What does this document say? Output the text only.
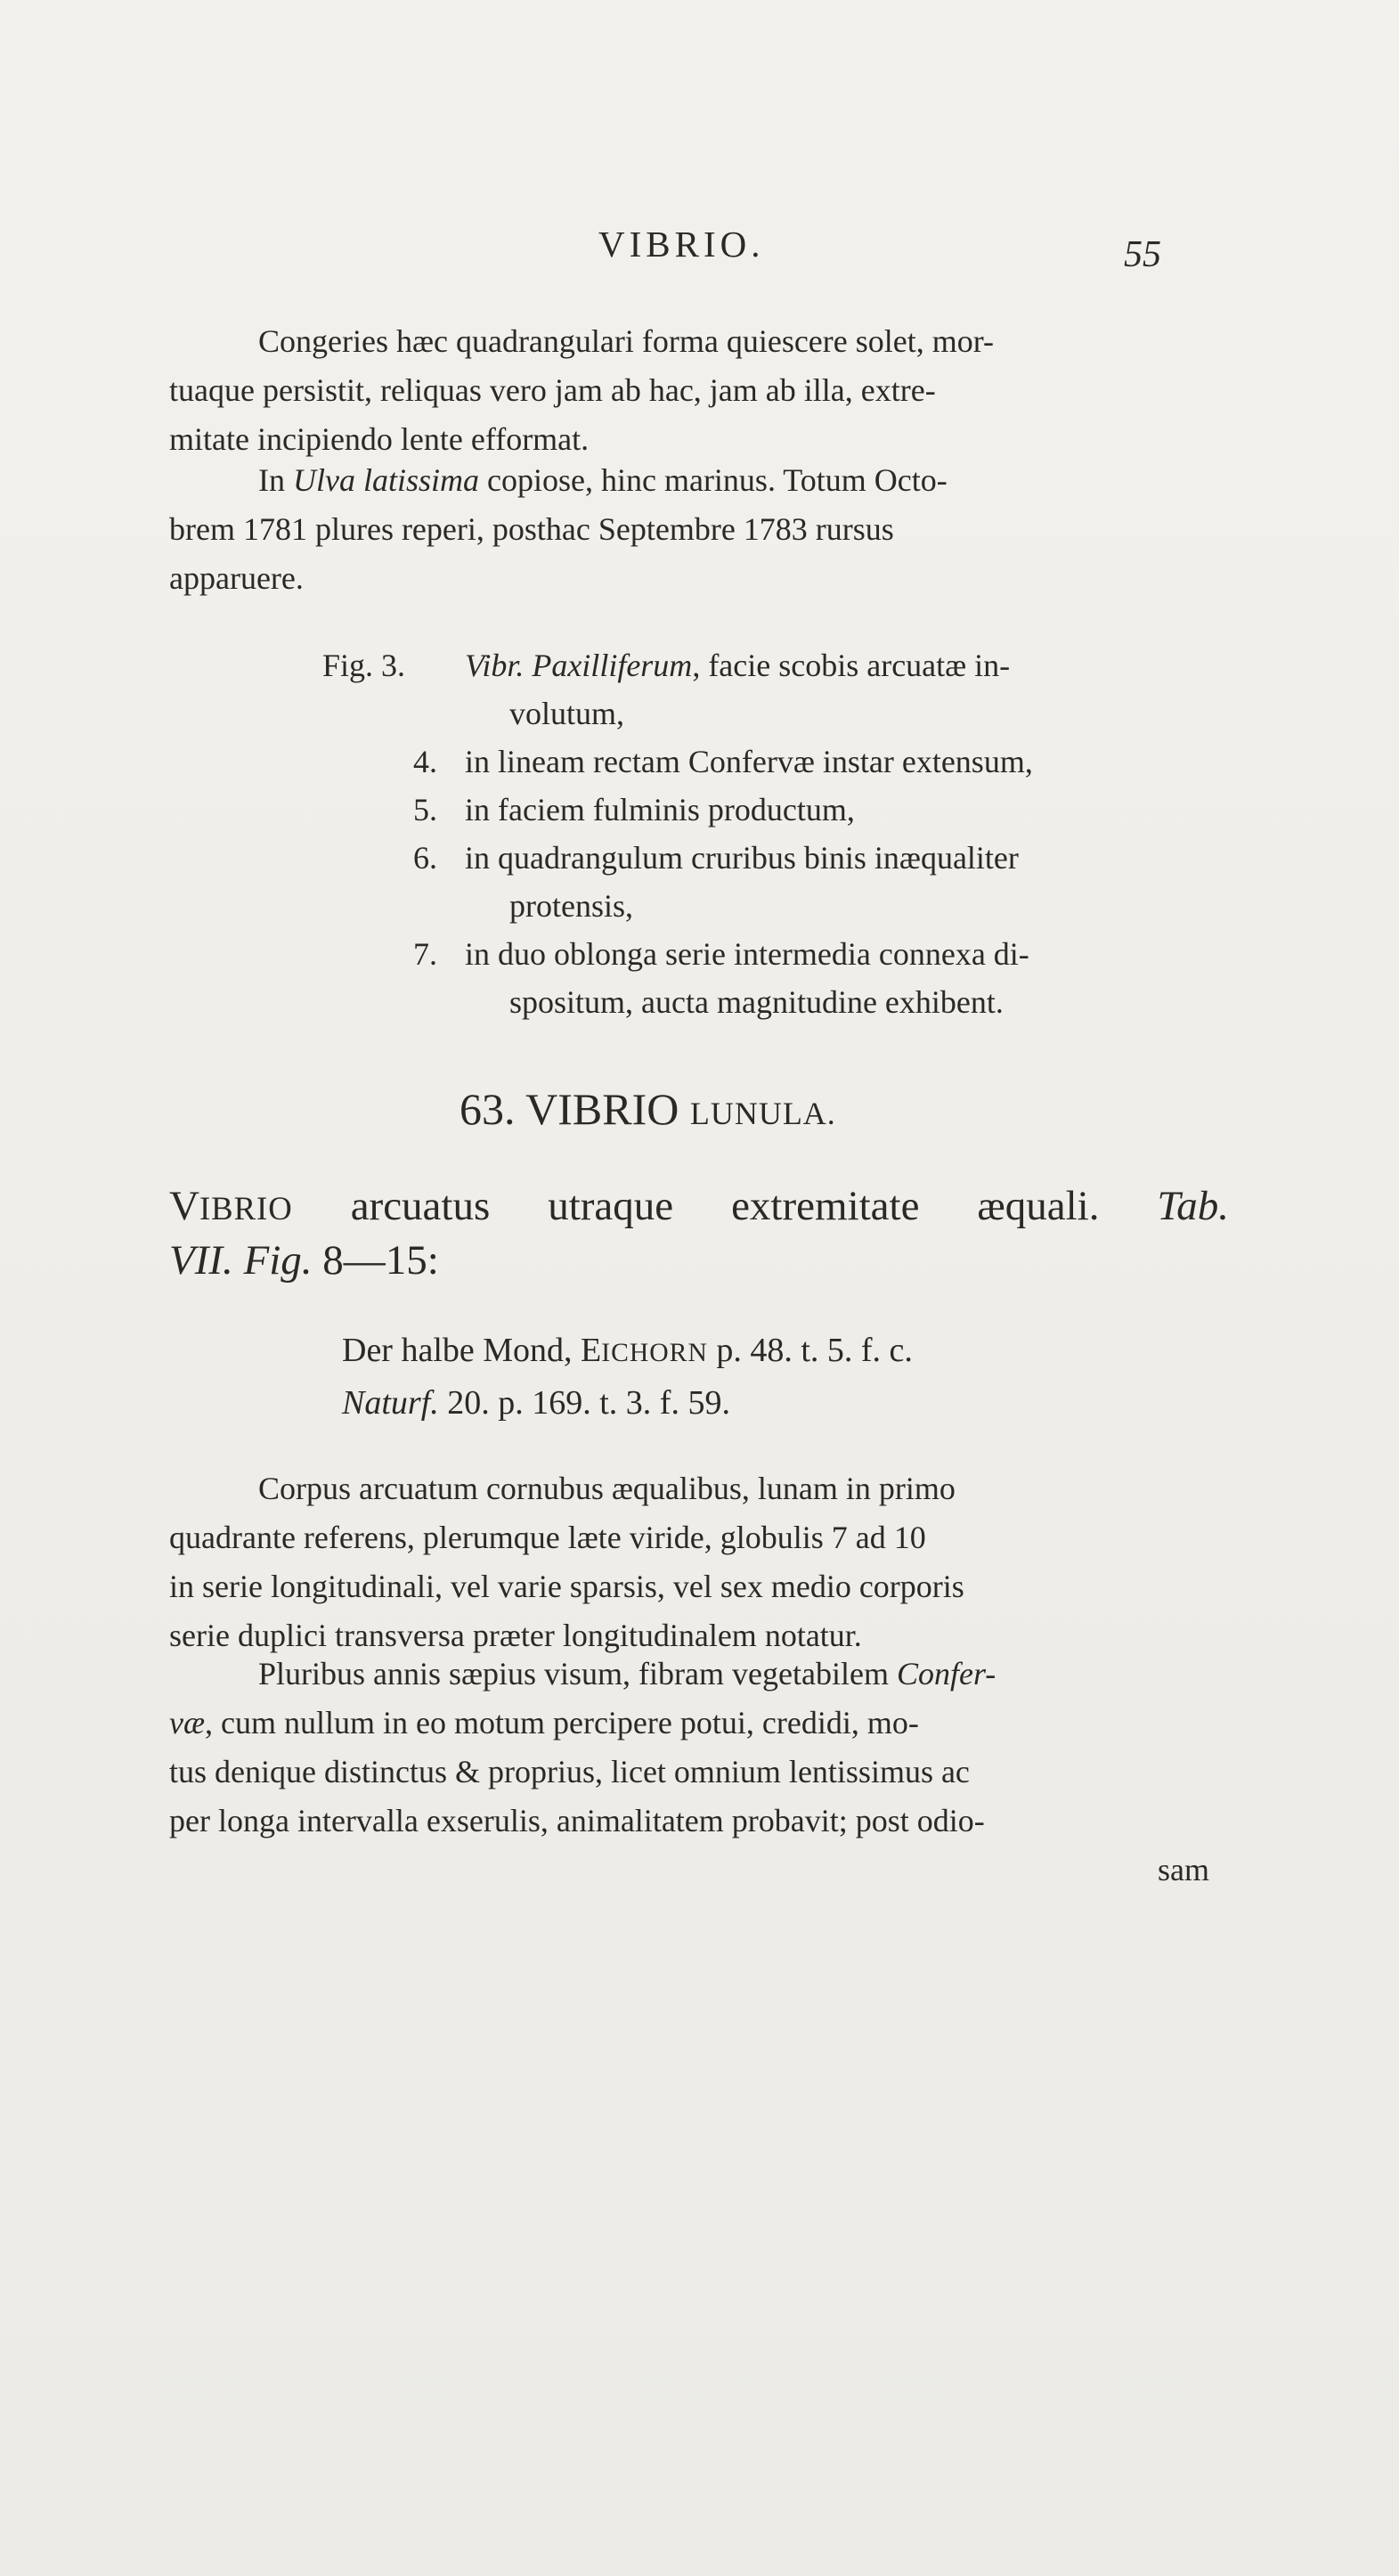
VIBRIO.	55

Congeries hæc quadrangulari forma quiescere solet, mor-

tuaque persistit, reliquas vero jam ab hac, jam ab illa, extre-

mitate incipiendo lente efformat.

In Ulva latissima copiose, hinc marinus. Totum Octo-

brem 1781 plures reperi, posthac Septembre 1783 rursus

apparuere.

Fig. 3. Vibr. Paxilliferum, facie scobis arcuatæ in-
volutum,
4. in lineam rectam Confervæ instar extensum,
5. in faciem fulminis productum,
6. in quadrangulum cruribus binis inæqualiter
protensis,
7. in duo oblonga serie intermedia connexa di-
spositum, aucta magnitudine exhibent.
63. VIBRIO LUNULA.
VIBRIO arcuatus utraque extremitate æquali. Tab.
VII. Fig. 8—15:
Der halbe Mond, EICHORN p. 48. t. 5. f. c.
Naturf. 20. p. 169. t. 3. f. 59.

Corpus arcuatum cornubus æqualibus, lunam in primo

quadrante referens, plerumque læte viride, globulis 7 ad 10

in serie longitudinali, vel varie sparsis, vel sex medio corporis

serie duplici transversa præter longitudinalem notatur.

Pluribus annis sæpius visum, fibram vegetabilem Confer-

væ, cum nullum in eo motum percipere potui, credidi, mo-

tus denique distinctus & proprius, licet omnium lentissimus ac

per longa intervalla exserulis, animalitatem probavit; post odio-

sam
